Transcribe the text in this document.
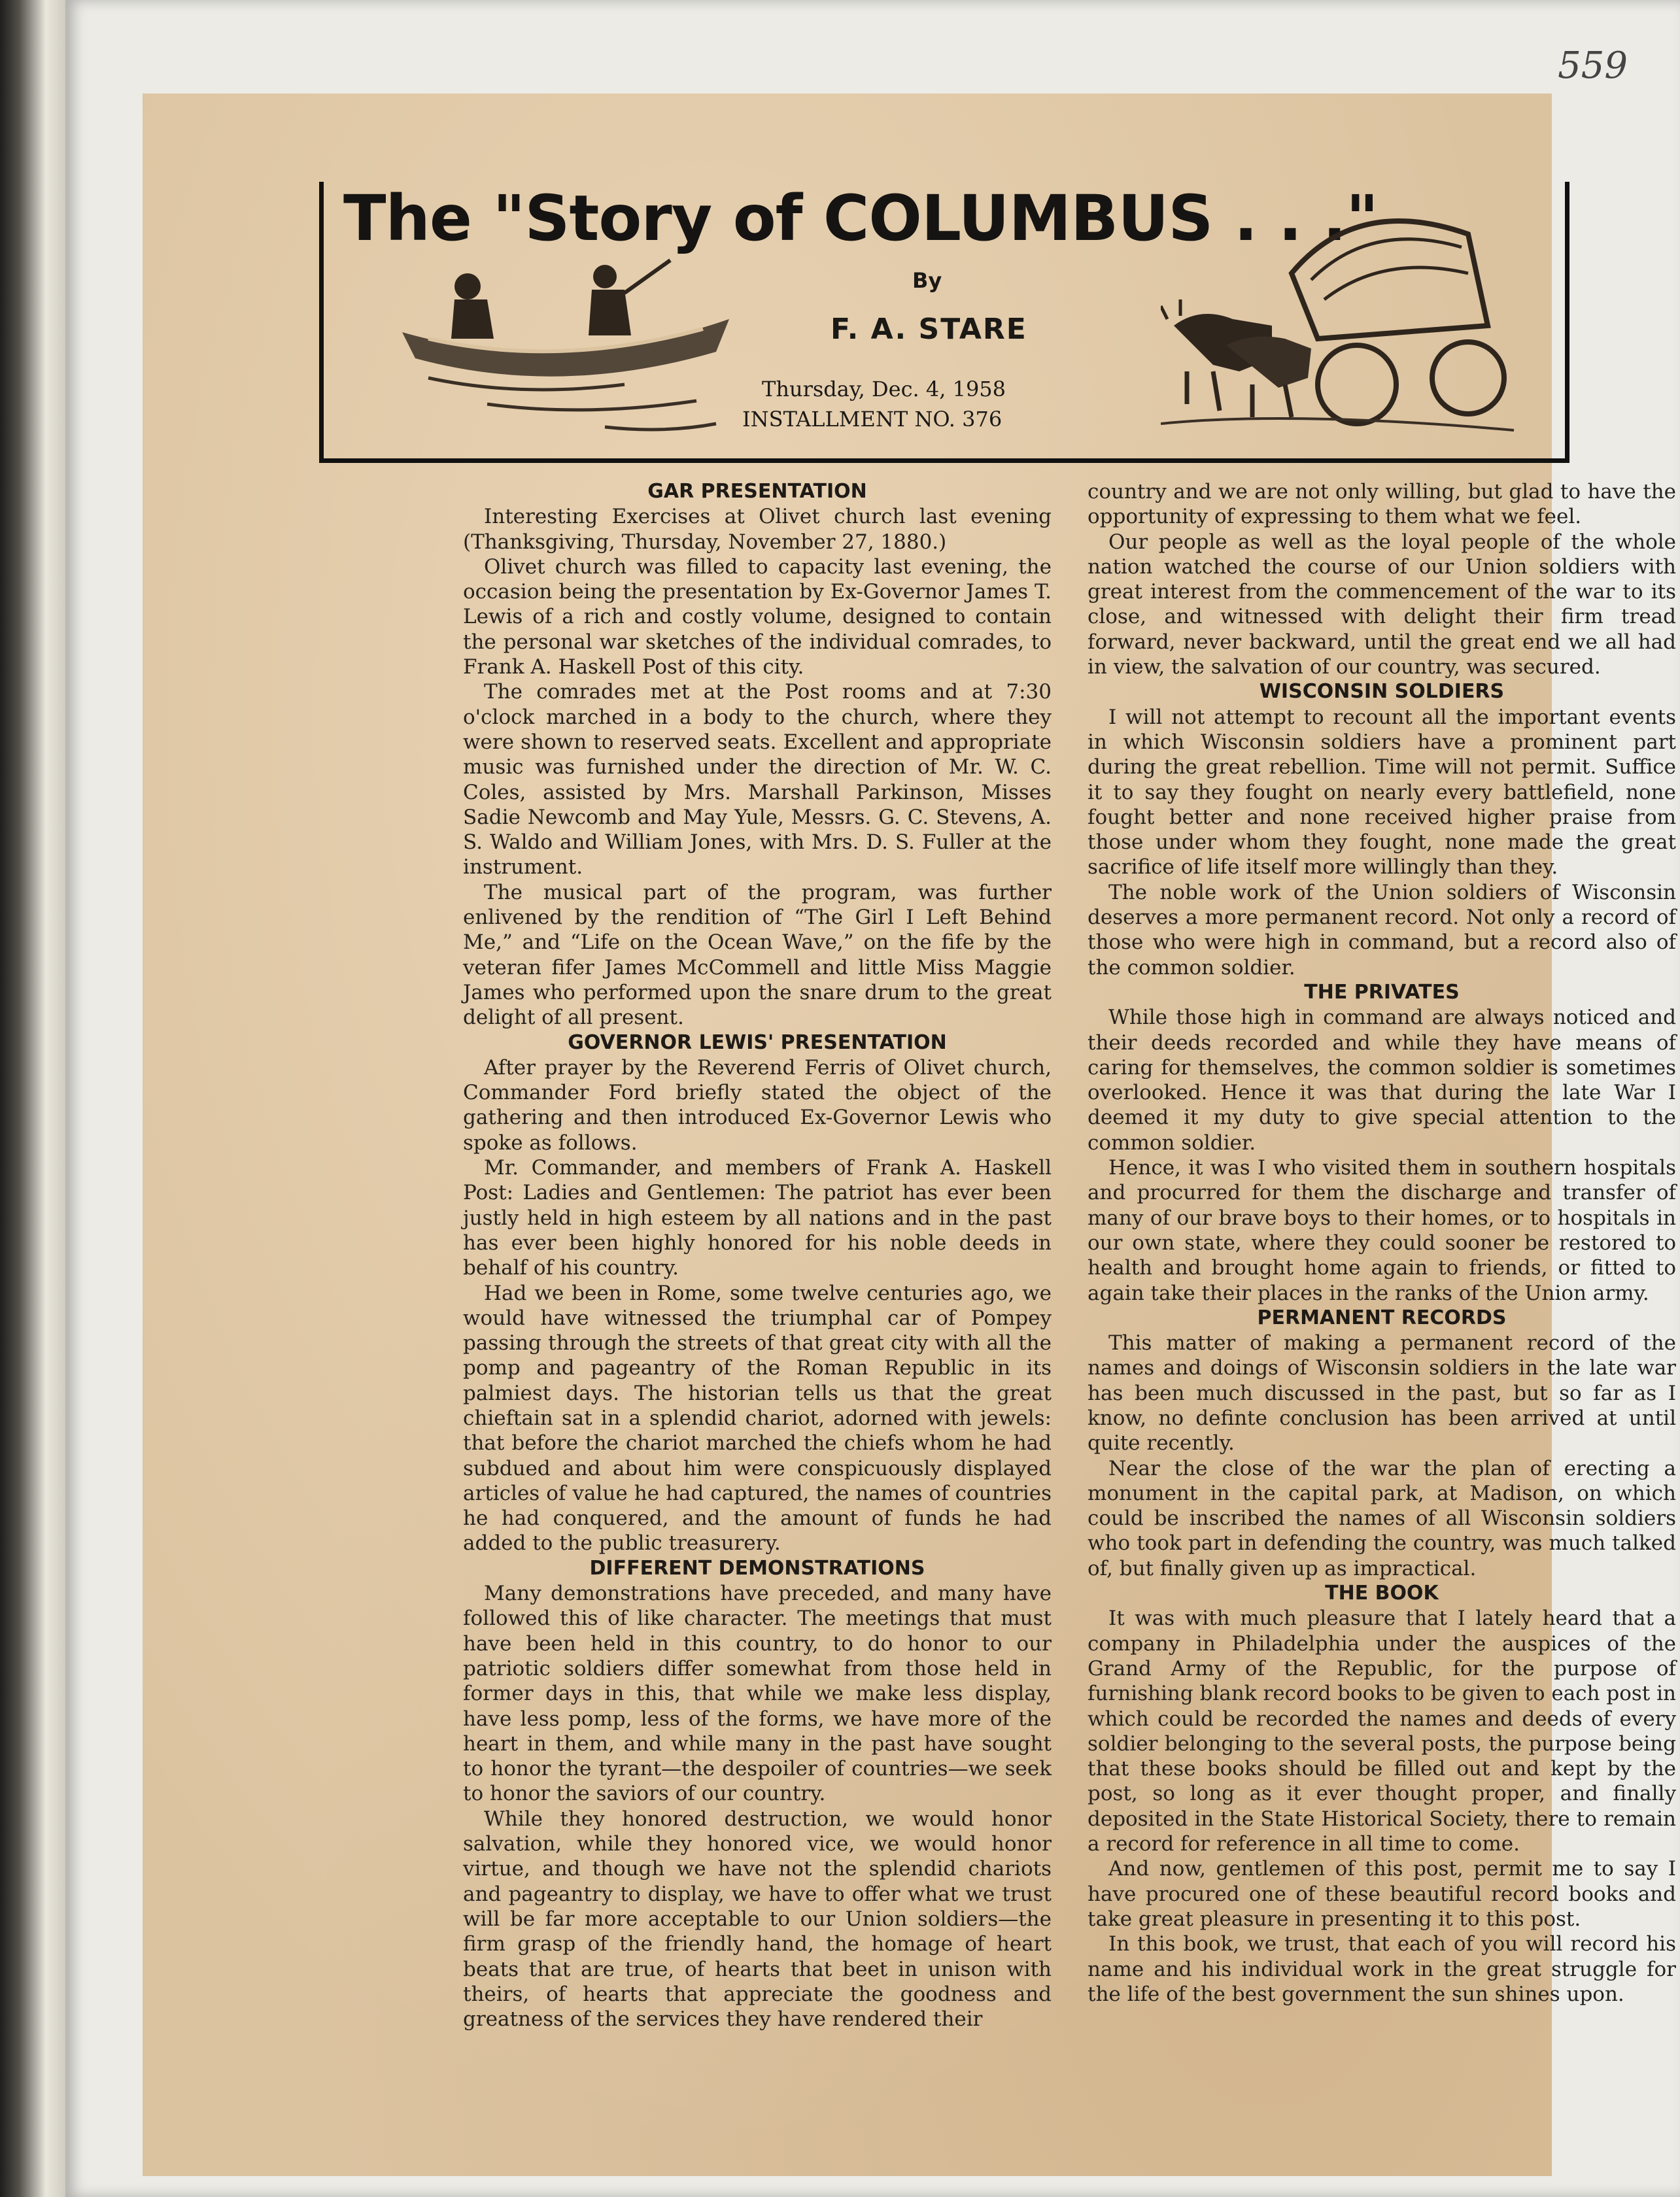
559
The "Story of COLUMBUS . . ."
By
F. A. STARE
Thursday, Dec. 4, 1958
INSTALLMENT NO. 376
GAR PRESENTATION

Interesting Exercises at Olivet church last evening (Thanksgiving, Thursday, November 27, 1880.)

Olivet church was filled to capacity last evening, the occasion being the presentation by Ex-Governor James T. Lewis of a rich and costly volume, designed to contain the personal war sketches of the individual comrades, to Frank A. Haskell Post of this city.

The comrades met at the Post rooms and at 7:30 o'clock marched in a body to the church, where they were shown to reserved seats. Excellent and appropriate music was furnished under the direction of Mr. W. C. Coles, assisted by Mrs. Marshall Parkinson, Misses Sadie Newcomb and May Yule, Messrs. G. C. Stevens, A. S. Waldo and William Jones, with Mrs. D. S. Fuller at the instrument.

The musical part of the program, was further enlivened by the rendition of “The Girl I Left Behind Me,” and “Life on the Ocean Wave,” on the fife by the veteran fifer James McCommell and little Miss Maggie James who performed upon the snare drum to the great delight of all present.

GOVERNOR LEWIS' PRESENTATION

After prayer by the Reverend Ferris of Olivet church, Commander Ford briefly stated the object of the gathering and then introduced Ex-Governor Lewis who spoke as follows.

Mr. Commander, and members of Frank A. Haskell Post: Ladies and Gentlemen: The patriot has ever been justly held in high esteem by all nations and in the past has ever been highly honored for his noble deeds in behalf of his country.

Had we been in Rome, some twelve centuries ago, we would have witnessed the triumphal car of Pompey passing through the streets of that great city with all the pomp and pageantry of the Roman Republic in its palmiest days. The historian tells us that the great chieftain sat in a splendid chariot, adorned with jewels: that before the chariot marched the chiefs whom he had subdued and about him were conspicuously displayed articles of value he had captured, the names of countries he had conquered, and the amount of funds he had added to the public treasurery.

DIFFERENT DEMONSTRATIONS

Many demonstrations have preceded, and many have followed this of like character. The meetings that must have been held in this country, to do honor to our patriotic soldiers differ somewhat from those held in former days in this, that while we make less display, have less pomp, less of the forms, we have more of the heart in them, and while many in the past have sought to honor the tyrant—the despoiler of countries—we seek to honor the saviors of our country.

While they honored destruction, we would honor salvation, while they honored vice, we would honor virtue, and though we have not the splendid chariots and pageantry to display, we have to offer what we trust will be far more acceptable to our Union soldiers—the firm grasp of the friendly hand, the homage of heart beats that are true, of hearts that beet in unison with theirs, of hearts that appreciate the goodness and greatness of the services they have rendered their

country and we are not only willing, but glad to have the opportunity of expressing to them what we feel.

Our people as well as the loyal people of the whole nation watched the course of our Union soldiers with great interest from the commencement of the war to its close, and witnessed with delight their firm tread forward, never backward, until the great end we all had in view, the salvation of our country, was secured.

WISCONSIN SOLDIERS

I will not attempt to recount all the important events in which Wisconsin soldiers have a prominent part during the great rebellion. Time will not permit. Suffice it to say they fought on nearly every battlefield, none fought better and none received higher praise from those under whom they fought, none made the great sacrifice of life itself more willingly than they.

The noble work of the Union soldiers of Wisconsin deserves a more permanent record. Not only a record of those who were high in command, but a record also of the common soldier.

THE PRIVATES

While those high in command are always noticed and their deeds recorded and while they have means of caring for themselves, the common soldier is sometimes overlooked. Hence it was that during the late War I deemed it my duty to give special attention to the common soldier.

Hence, it was I who visited them in southern hospitals and procurred for them the discharge and transfer of many of our brave boys to their homes, or to hospitals in our own state, where they could sooner be restored to health and brought home again to friends, or fitted to again take their places in the ranks of the Union army.

PERMANENT RECORDS

This matter of making a permanent record of the names and doings of Wisconsin soldiers in the late war has been much discussed in the past, but so far as I know, no definte conclusion has been arrived at until quite recently.

Near the close of the war the plan of erecting a monument in the capital park, at Madison, on which could be inscribed the names of all Wisconsin soldiers who took part in defending the country, was much talked of, but finally given up as impractical.

THE BOOK

It was with much pleasure that I lately heard that a company in Philadelphia under the auspices of the Grand Army of the Republic, for the purpose of furnishing blank record books to be given to each post in which could be recorded the names and deeds of every soldier belonging to the several posts, the purpose being that these books should be filled out and kept by the post, so long as it ever thought proper, and finally deposited in the State Historical Society, there to remain a record for reference in all time to come.

And now, gentlemen of this post, permit me to say I have procured one of these beautiful record books and take great pleasure in presenting it to this post.

In this book, we trust, that each of you will record his name and his individual work in the great struggle for the life of the best government the sun shines upon.
